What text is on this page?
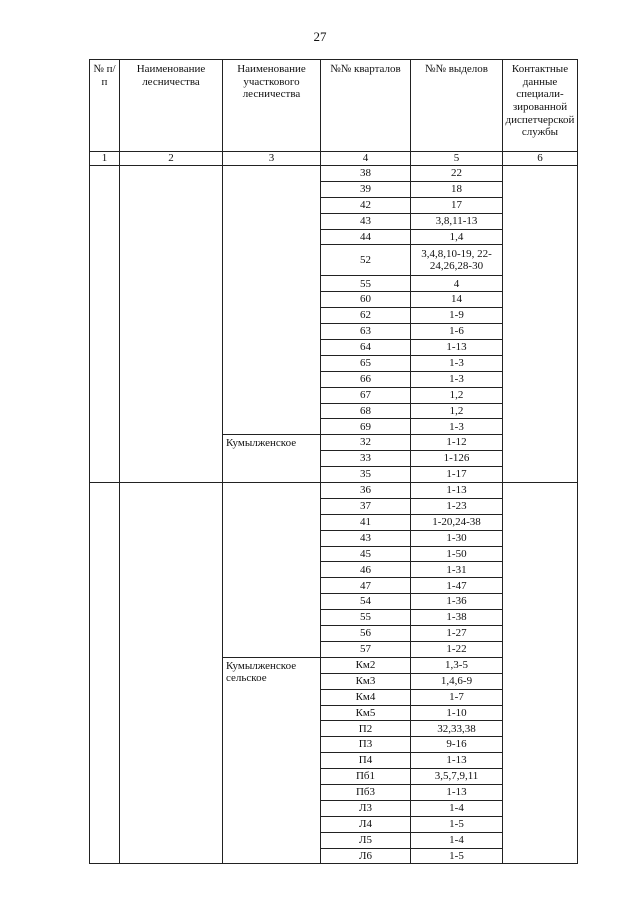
27
№ п/п	Наименование лесничества	Наименование участкового лесничества	№№ кварталов	№№ выделов	Контактные данные специали-зированной диспетчерской службы
1	2	3	4	5	6
			38	22	
			39	18	
			42	17	
			43	3,8,11-13	
			44	1,4	
			52	3,4,8,10-19, 22-24,26,28-30	
			55	4	
			60	14	
			62	1-9	
			63	1-6	
			64	1-13	
			65	1-3	
			66	1-3	
			67	1,2	
			68	1,2	
			69	1-3	
		Кумылженское	32	1-12	
			33	1-126	
			35	1-17	
			36	1-13	
			37	1-23	
			41	1-20,24-38	
			43	1-30	
			45	1-50	
			46	1-31	
			47	1-47	
			54	1-36	
			55	1-38	
			56	1-27	
			57	1-22	
		Кумылженское сельское	Км2	1,3-5	
			Км3	1,4,6-9	
			Км4	1-7	
			Км5	1-10	
			П2	32,33,38	
			П3	9-16	
			П4	1-13	
			Пб1	3,5,7,9,11	
			Пб3	1-13	
			Л3	1-4	
			Л4	1-5	
			Л5	1-4	
			Л6	1-5	
